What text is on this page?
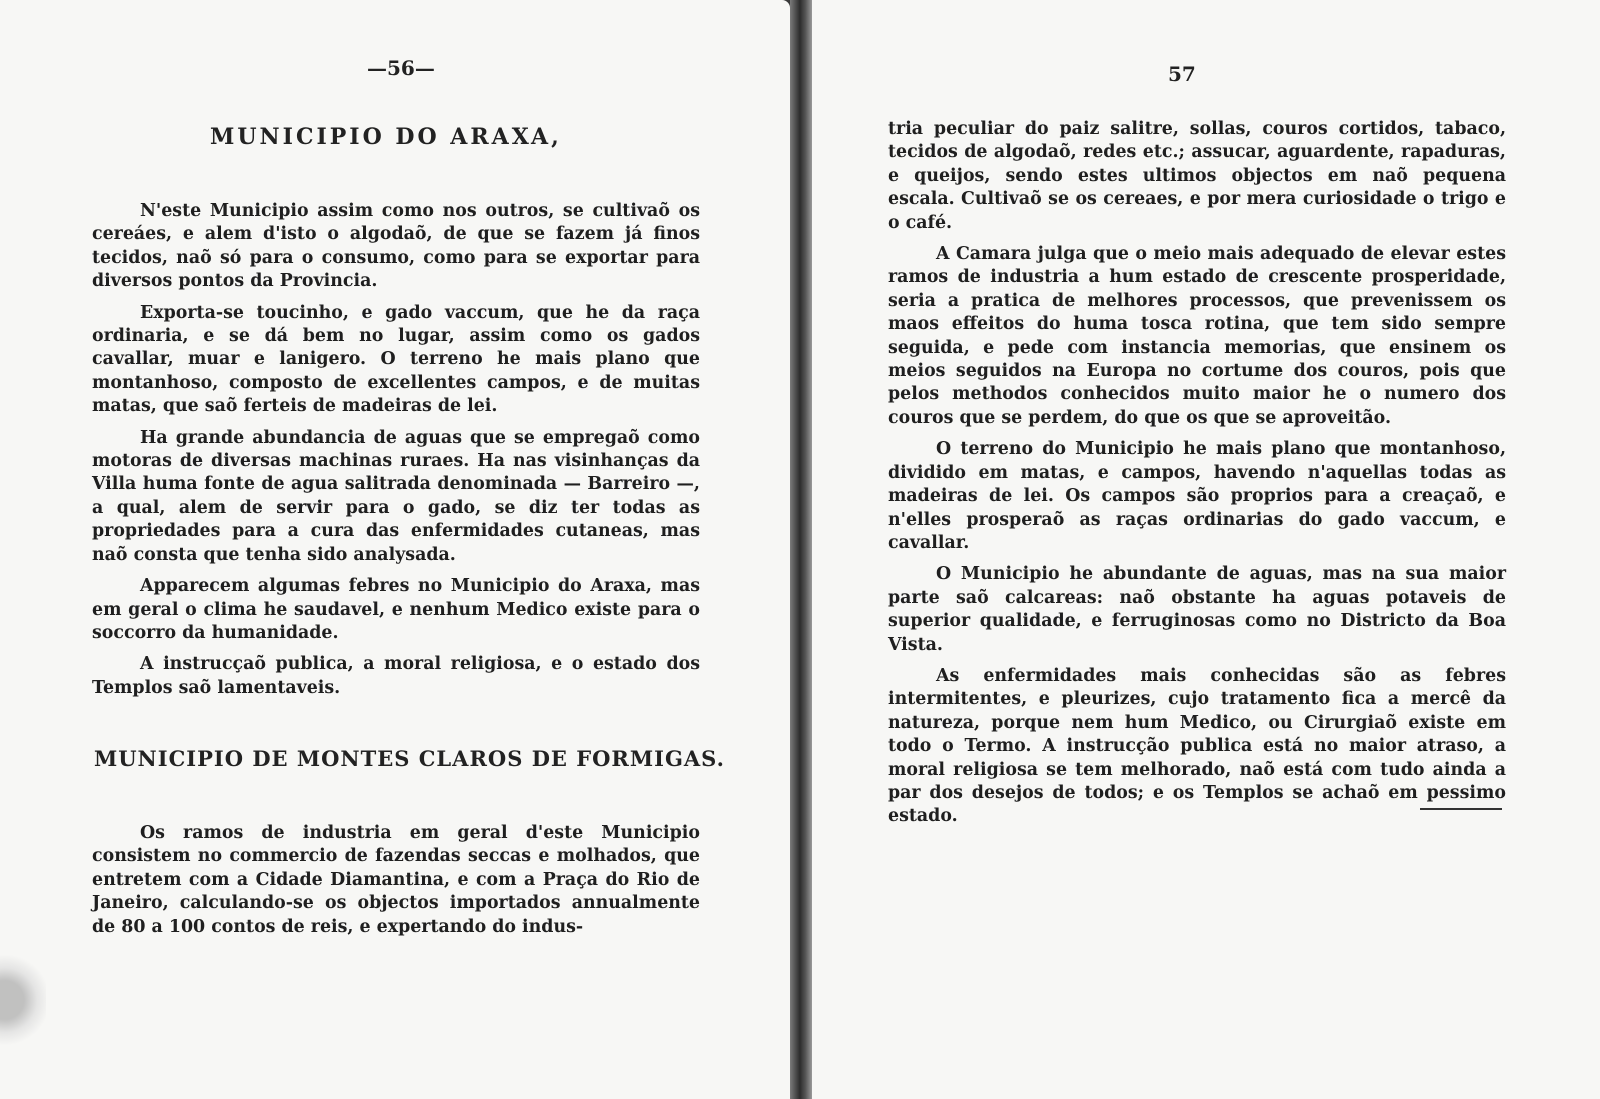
—56—
MUNICIPIO DO ARAXA,

N'este Municipio assim como nos outros, se cultivaõ os cereáes, e alem d'isto o algodaõ, de que se fazem já finos tecidos, naõ só para o consumo, como para se exportar para diversos pontos da Provincia.

Exporta-se toucinho, e gado vaccum, que he da raça ordinaria, e se dá bem no lugar, assim como os gados cavallar, muar e lanigero. O terreno he mais plano que montanhoso, composto de excellentes campos, e de muitas matas, que saõ ferteis de madeiras de lei.

Ha grande abundancia de aguas que se empregaõ como motoras de diversas machinas ruraes. Ha nas visinhanças da Villa huma fonte de agua salitrada denominada — Barreiro —, a qual, alem de servir para o gado, se diz ter todas as propriedades para a cura das enfermidades cutaneas, mas naõ consta que tenha sido analysada.

Apparecem algumas febres no Municipio do Araxa, mas em geral o clima he saudavel, e nenhum Medico existe para o soccorro da humanidade.

A instrucçaõ publica, a moral religiosa, e o estado dos Templos saõ lamentaveis.

MUNICIPIO DE MONTES CLAROS DE FORMIGAS.

Os ramos de industria em geral d'este Municipio consistem no commercio de fazendas seccas e molhados, que entretem com a Cidade Diamantina, e com a Praça do Rio de Janeiro, calculando-se os objectos importados annualmente de 80 a 100 contos de reis, e expertando do indus-

57

tria peculiar do paiz salitre, sollas, couros cortidos, tabaco, tecidos de algodaõ, redes etc.; assucar, aguardente, rapaduras, e queijos, sendo estes ultimos objectos em naõ pequena escala. Cultivaõ se os cereaes, e por mera curiosidade o trigo e o café.

A Camara julga que o meio mais adequado de elevar estes ramos de industria a hum estado de crescente prosperidade, seria a pratica de melhores processos, que prevenissem os maos effeitos do huma tosca rotina, que tem sido sempre seguida, e pede com instancia memorias, que ensinem os meios seguidos na Europa no cortume dos couros, pois que pelos methodos conhecidos muito maior he o numero dos couros que se perdem, do que os que se aproveitão.

O terreno do Municipio he mais plano que montanhoso, dividido em matas, e campos, havendo n'aquellas todas as madeiras de lei. Os campos são proprios para a creaçaõ, e n'elles prosperaõ as raças ordinarias do gado vaccum, e cavallar.

O Municipio he abundante de aguas, mas na sua maior parte saõ calcareas: naõ obstante ha aguas potaveis de superior qualidade, e ferruginosas como no Districto da Boa Vista.

As enfermidades mais conhecidas são as febres intermitentes, e pleurizes, cujo tratamento fica a mercê da natureza, porque nem hum Medico, ou Cirurgiaõ existe em todo o Termo. A instrucção publica está no maior atraso, a moral religiosa se tem melhorado, naõ está com tudo ainda a par dos desejos de todos; e os Templos se achaõ em pessimo estado.
